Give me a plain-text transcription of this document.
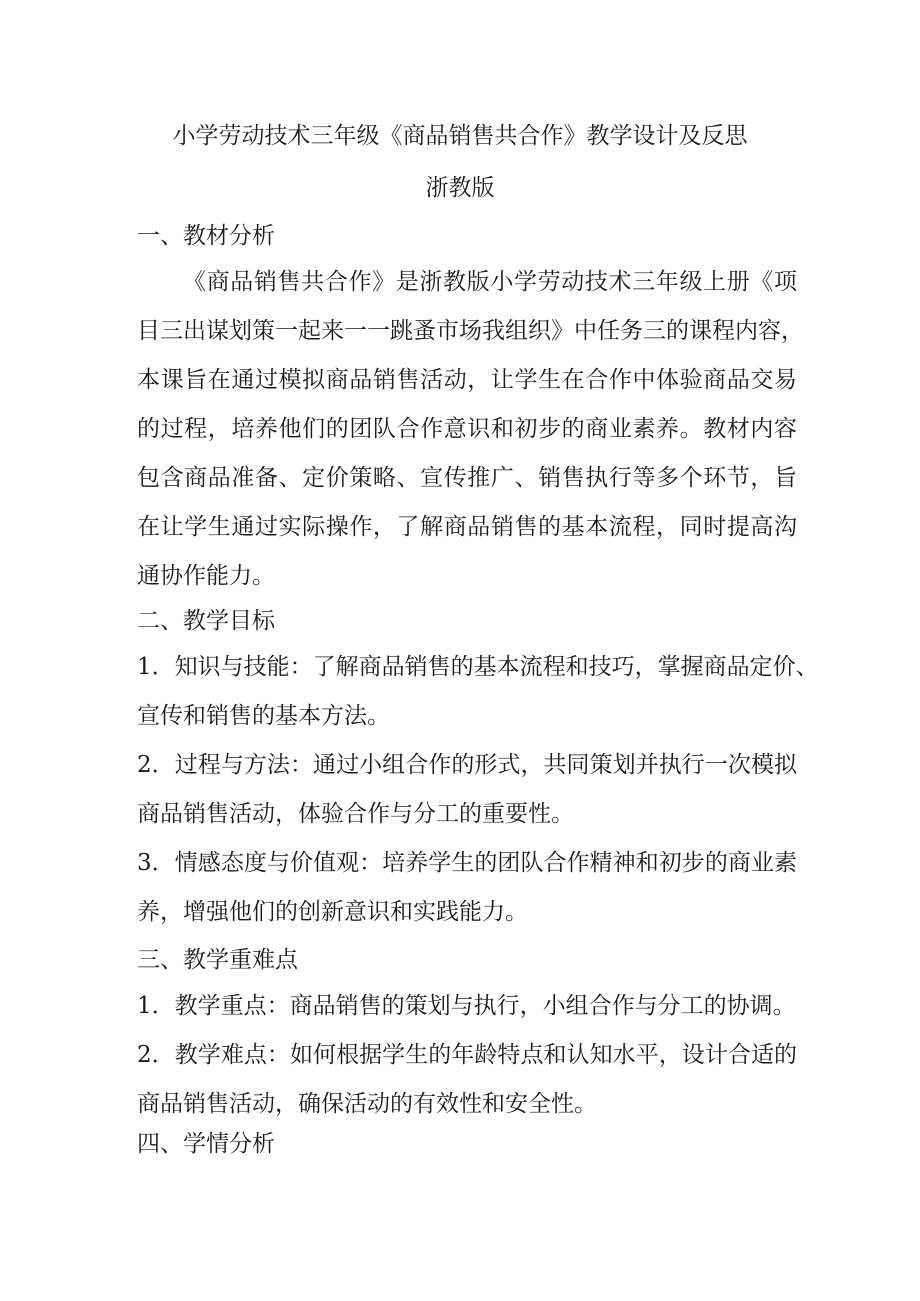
小学劳动技术三年级《商品销售共合作》教学设计及反思
浙教版
一、教材分析
《商品销售共合作》是浙教版小学劳动技术三年级上册《项
目三出谋划策一起来一一跳蚤市场我组织》中任务三的课程内容，
本课旨在通过模拟商品销售活动，让学生在合作中体验商品交易
的过程，培养他们的团队合作意识和初步的商业素养。教材内容
包含商品准备、定价策略、宣传推广、销售执行等多个环节，旨
在让学生通过实际操作，了解商品销售的基本流程，同时提高沟
通协作能力。
二、教学目标
1．知识与技能：了解商品销售的基本流程和技巧，掌握商品定价、
宣传和销售的基本方法。
2．过程与方法：通过小组合作的形式，共同策划并执行一次模拟
商品销售活动，体验合作与分工的重要性。
3．情感态度与价值观：培养学生的团队合作精神和初步的商业素
养，增强他们的创新意识和实践能力。
三、教学重难点
1．教学重点：商品销售的策划与执行，小组合作与分工的协调。
2．教学难点：如何根据学生的年龄特点和认知水平，设计合适的
商品销售活动，确保活动的有效性和安全性。
四、学情分析
